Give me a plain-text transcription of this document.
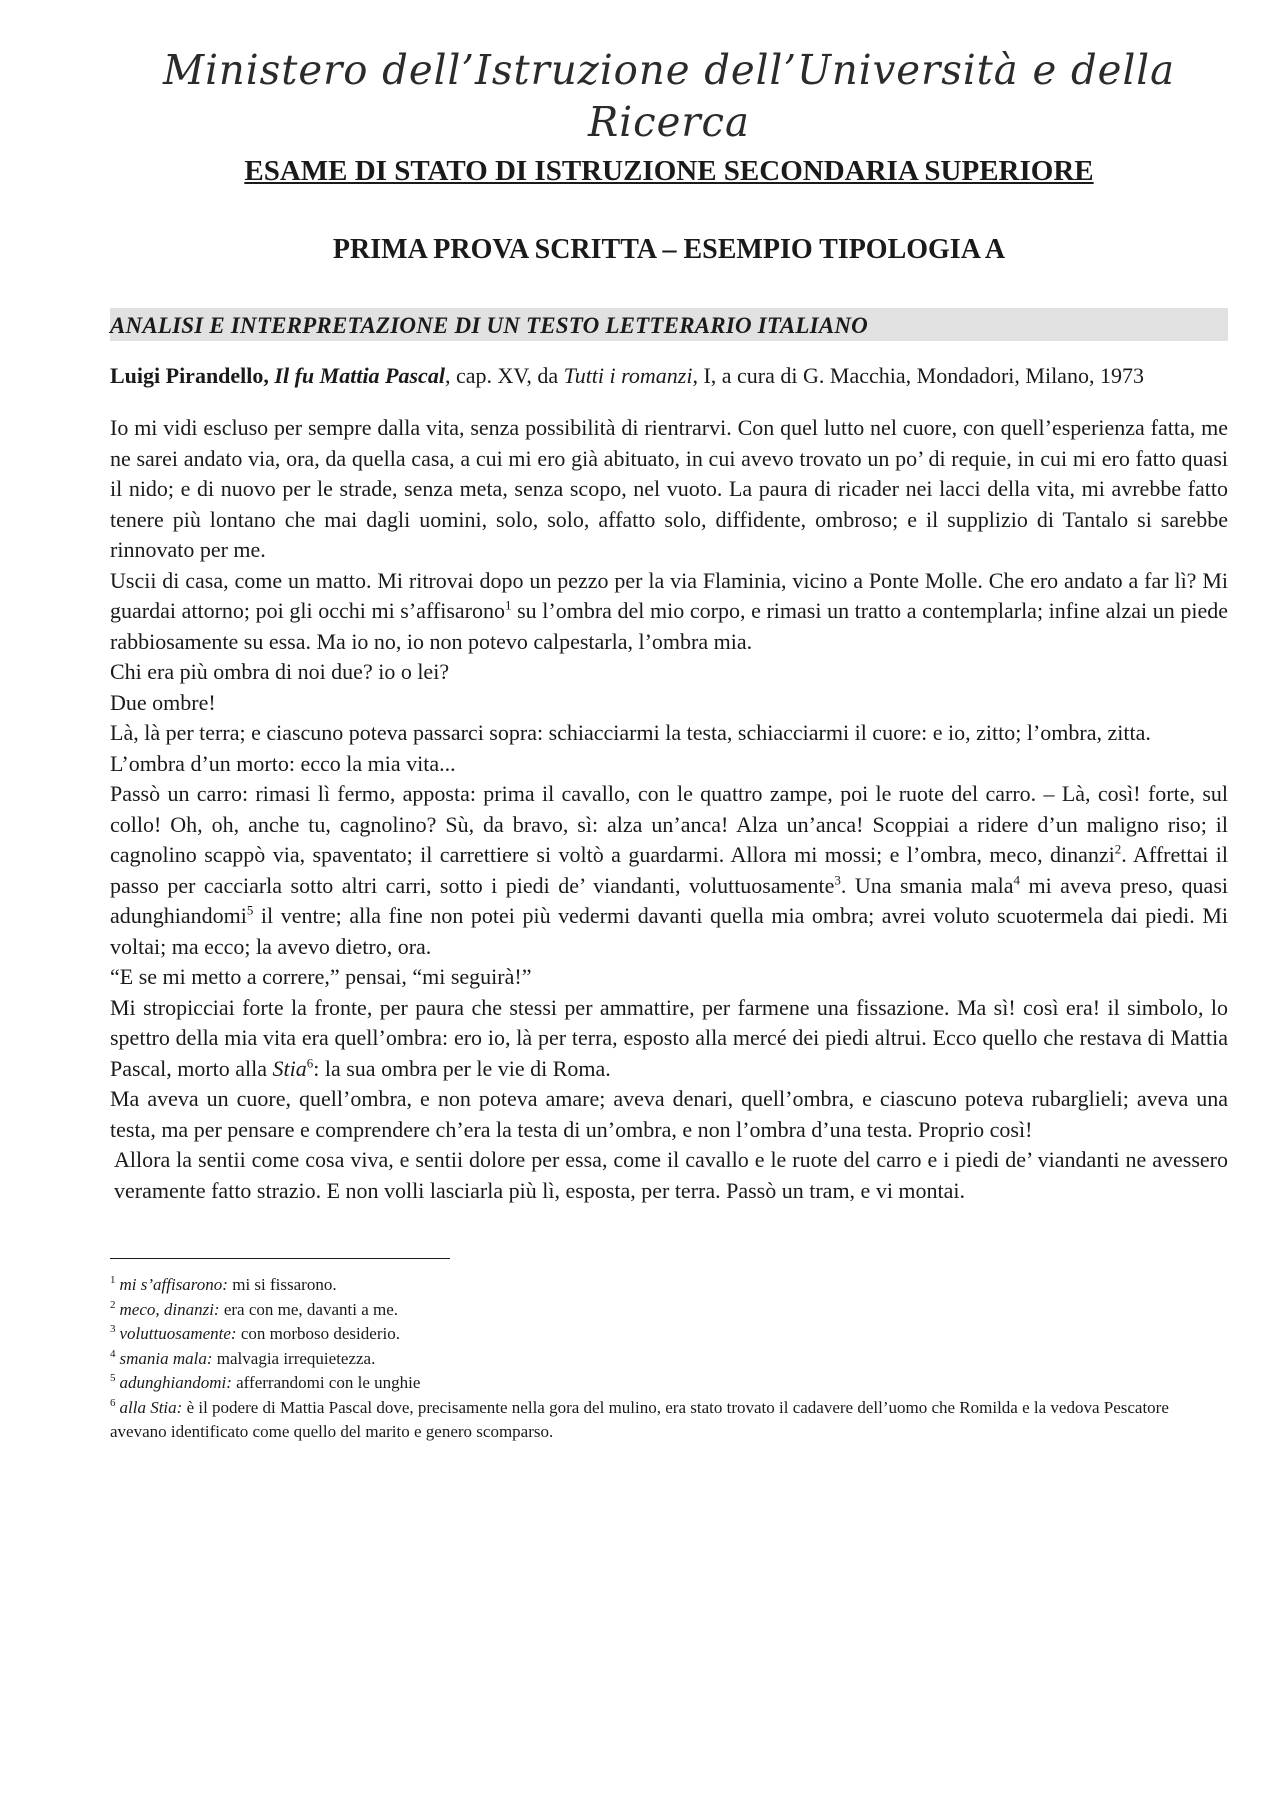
Ministero dell’Istruzione dell’Università e della Ricerca
ESAME DI STATO DI ISTRUZIONE SECONDARIA SUPERIORE
PRIMA PROVA SCRITTA – ESEMPIO TIPOLOGIA A
ANALISI E INTERPRETAZIONE DI UN TESTO LETTERARIO ITALIANO
Luigi Pirandello, Il fu Mattia Pascal, cap. XV, da Tutti i romanzi, I, a cura di G. Macchia, Mondadori, Milano, 1973

Io mi vidi escluso per sempre dalla vita, senza possibilità di rientrarvi. Con quel lutto nel cuore, con quell’esperienza fatta, me ne sarei andato via, ora, da quella casa, a cui mi ero già abituato, in cui avevo trovato un po’ di requie, in cui mi ero fatto quasi il nido; e di nuovo per le strade, senza meta, senza scopo, nel vuoto. La paura di ricader nei lacci della vita, mi avrebbe fatto tenere più lontano che mai dagli uomini, solo, solo, affatto solo, diffidente, ombroso; e il supplizio di Tantalo si sarebbe rinnovato per me.

Uscii di casa, come un matto. Mi ritrovai dopo un pezzo per la via Flaminia, vicino a Ponte Molle. Che ero andato a far lì? Mi guardai attorno; poi gli occhi mi s’affisarono$^1$ su l’ombra del mio corpo, e rimasi un tratto a contemplarla; infine alzai un piede rabbiosamente su essa. Ma io no, io non potevo calpestarla, l’ombra mia.

Chi era più ombra di noi due? io o lei?

Due ombre!

Là, là per terra; e ciascuno poteva passarci sopra: schiacciarmi la testa, schiacciarmi il cuore: e io, zitto; l’ombra, zitta.

L’ombra d’un morto: ecco la mia vita...

Passò un carro: rimasi lì fermo, apposta: prima il cavallo, con le quattro zampe, poi le ruote del carro. – Là, così! forte, sul collo! Oh, oh, anche tu, cagnolino? Sù, da bravo, sì: alza un’anca! Alza un’anca! Scoppiai a ridere d’un maligno riso; il cagnolino scappò via, spaventato; il carrettiere si voltò a guardarmi. Allora mi mossi; e l’ombra, meco, dinanzi$^2$. Affrettai il passo per cacciarla sotto altri carri, sotto i piedi de’ viandanti, voluttuosamente$^3$. Una smania mala$^4$ mi aveva preso, quasi adunghiandomi$^5$ il ventre; alla fine non potei più vedermi davanti quella mia ombra; avrei voluto scuotermela dai piedi. Mi voltai; ma ecco; la avevo dietro, ora.

“E se mi metto a correre,” pensai, “mi seguirà!”

Mi stropicciai forte la fronte, per paura che stessi per ammattire, per farmene una fissazione. Ma sì! così era! il simbolo, lo spettro della mia vita era quell’ombra: ero io, là per terra, esposto alla mercé dei piedi altrui. Ecco quello che restava di Mattia Pascal, morto alla Stia$^6$: la sua ombra per le vie di Roma.

Ma aveva un cuore, quell’ombra, e non poteva amare; aveva denari, quell’ombra, e ciascuno poteva rubarglieli; aveva una testa, ma per pensare e comprendere ch’era la testa di un’ombra, e non l’ombra d’una testa. Proprio così!

Allora la sentii come cosa viva, e sentii dolore per essa, come il cavallo e le ruote del carro e i piedi de’ viandanti ne avessero veramente fatto strazio. E non volli lasciarla più lì, esposta, per terra. Passò un tram, e vi montai.

$^1$ mi s’affisarono: mi si fissarono.

$^2$ meco, dinanzi: era con me, davanti a me.

$^3$ voluttuosamente: con morboso desiderio.

$^4$ smania mala: malvagia irrequietezza.

$^5$ adunghiandomi: afferrandomi con le unghie

$^6$ alla Stia: è il podere di Mattia Pascal dove, precisamente nella gora del mulino, era stato trovato il cadavere dell’uomo che Romilda e la vedova Pescatore avevano identificato come quello del marito e genero scomparso.
